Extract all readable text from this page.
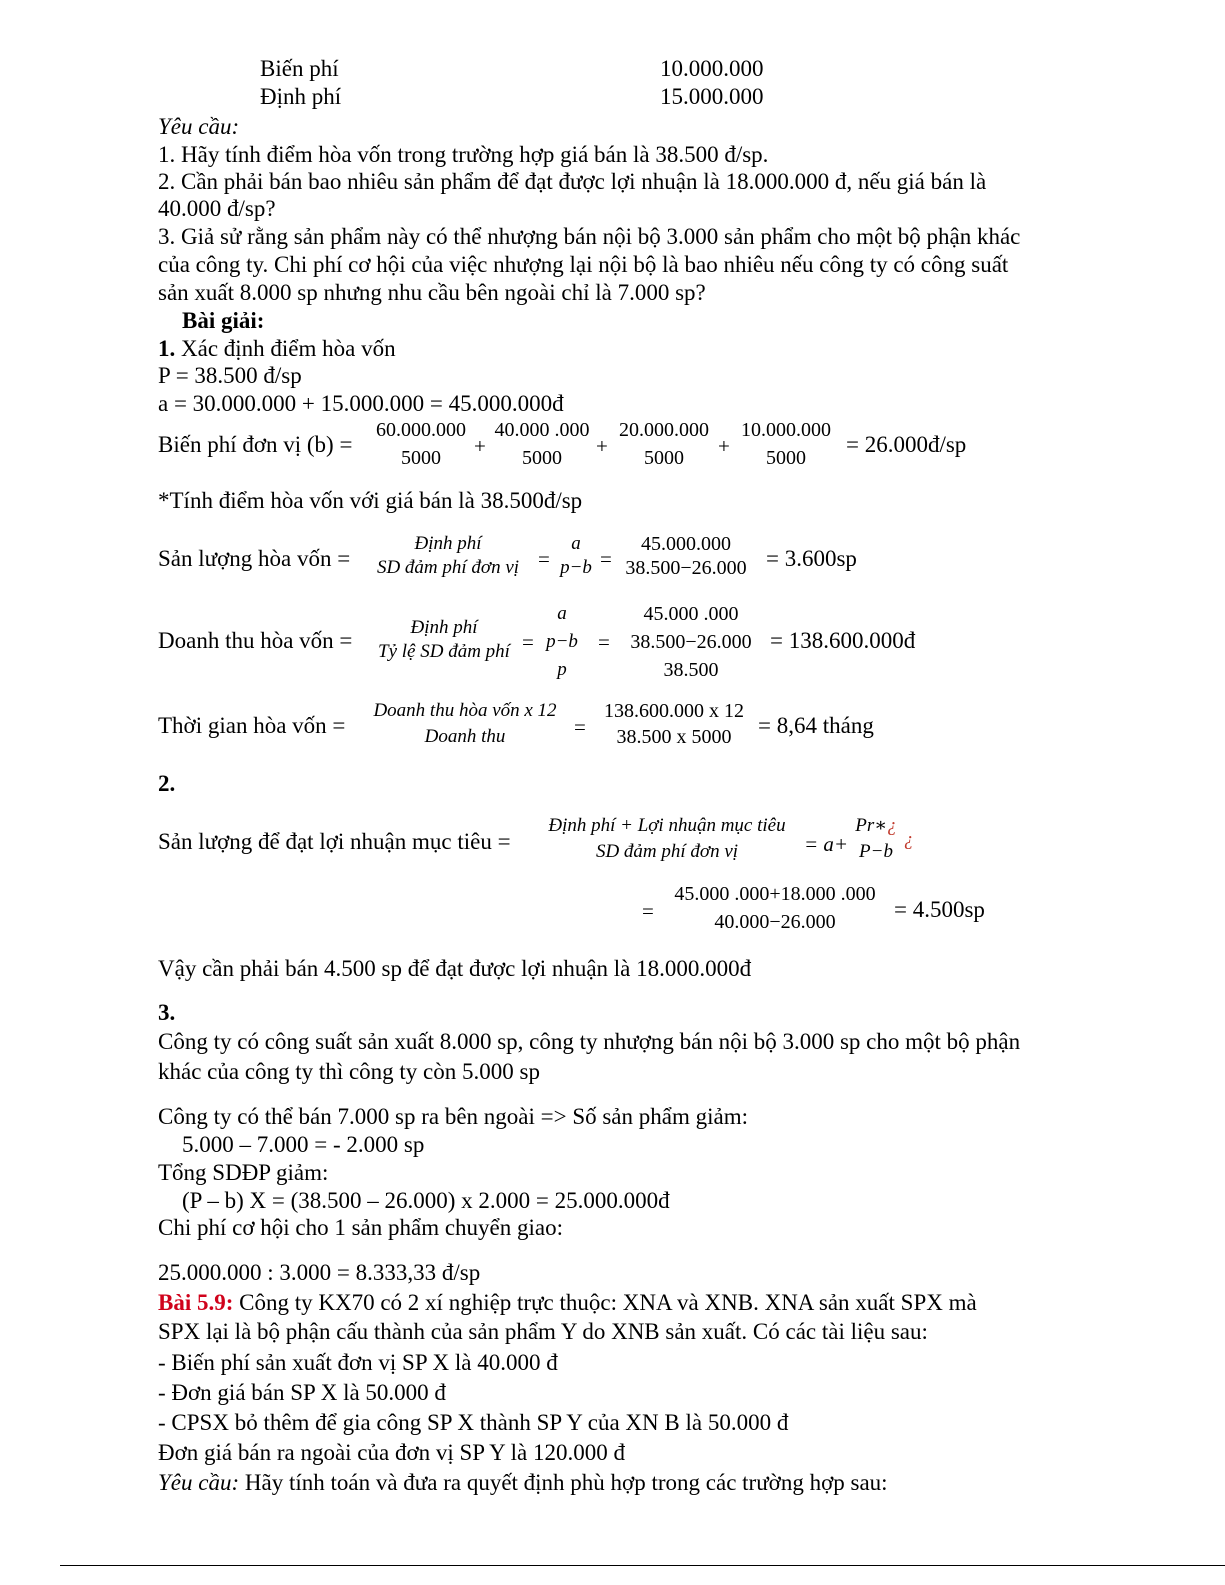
Biến phí	10.000.000
Định phí	15.000.000
Yêu cầu:
1. Hãy tính điểm hòa vốn trong trường hợp giá bán là 38.500 đ/sp.
2. Cần phải bán bao nhiêu sản phẩm để đạt được lợi nhuận là 18.000.000 đ, nếu giá bán là
40.000 đ/sp?
3. Giả sử rằng sản phẩm này có thể nhượng bán nội bộ 3.000 sản phẩm cho một bộ phận khác
của công ty. Chi phí cơ hội của việc nhượng lại nội bộ là bao nhiêu nếu công ty có công suất
sản xuất 8.000 sp nhưng nhu cầu bên ngoài chỉ là 7.000 sp?
Bài giải:
1. Xác định điểm hòa vốn
P = 38.500 đ/sp
a = 30.000.000 + 15.000.000 = 45.000.000đ
Biến phí đơn vị (b) =
60.000.000
5000	+
40.000 .000
5000	+
20.000.000
5000	+
10.000.000
5000
= 26.000đ/sp
*Tính điểm hòa vốn với giá bán là 38.500đ/sp
Sản lượng hòa vốn =
Định phí
SD đảm phí đơn vị =
a
p−b =
45.000.000
38.500−26.000 = 3.600sp
Doanh thu hòa vốn =
Định phí
Tỷ lệ SD đảm phí =
a
p−b
p
=
45.000 .000
38.500−26.000
38.500
= 138.600.000đ
Thời gian hòa vốn =
Doanh thu hòa vốn x 12
Doanh thu	=
138.600.000 x 12
38.500 x 5000	= 8,64 tháng
2.
Sản lượng để đạt lợi nhuận mục tiêu =
Định phí + Lợi nhuận mục tiêu
SD đảm phí đơn vị	= a+
Pr∗¿
P−b
¿
=
45.000 .000+18.000 .000
40.000−26.000	= 4.500sp
Vậy cần phải bán 4.500 sp để đạt được lợi nhuận là 18.000.000đ
3.
Công ty có công suất sản xuất 8.000 sp, công ty nhượng bán nội bộ 3.000 sp cho một bộ phận
khác của công ty thì công ty còn 5.000 sp
Công ty có thể bán 7.000 sp ra bên ngoài => Số sản phẩm giảm:
5.000 – 7.000 = - 2.000 sp
Tổng SDĐP giảm:
(P – b) X = (38.500 – 26.000) x 2.000 = 25.000.000đ
Chi phí cơ hội cho 1 sản phẩm chuyển giao:
25.000.000 : 3.000 = 8.333,33 đ/sp
Bài 5.9: Công ty KX70 có 2 xí nghiệp trực thuộc: XNA và XNB. XNA sản xuất SPX mà
SPX lại là bộ phận cấu thành của sản phẩm Y do XNB sản xuất. Có các tài liệu sau:
- Biến phí sản xuất đơn vị SP X là 40.000 đ
- Đơn giá bán SP X là 50.000 đ
- CPSX bỏ thêm để gia công SP X thành SP Y của XN B là 50.000 đ
Đơn giá bán ra ngoài của đơn vị SP Y là 120.000 đ
Yêu cầu: Hãy tính toán và đưa ra quyết định phù hợp trong các trường hợp sau:
